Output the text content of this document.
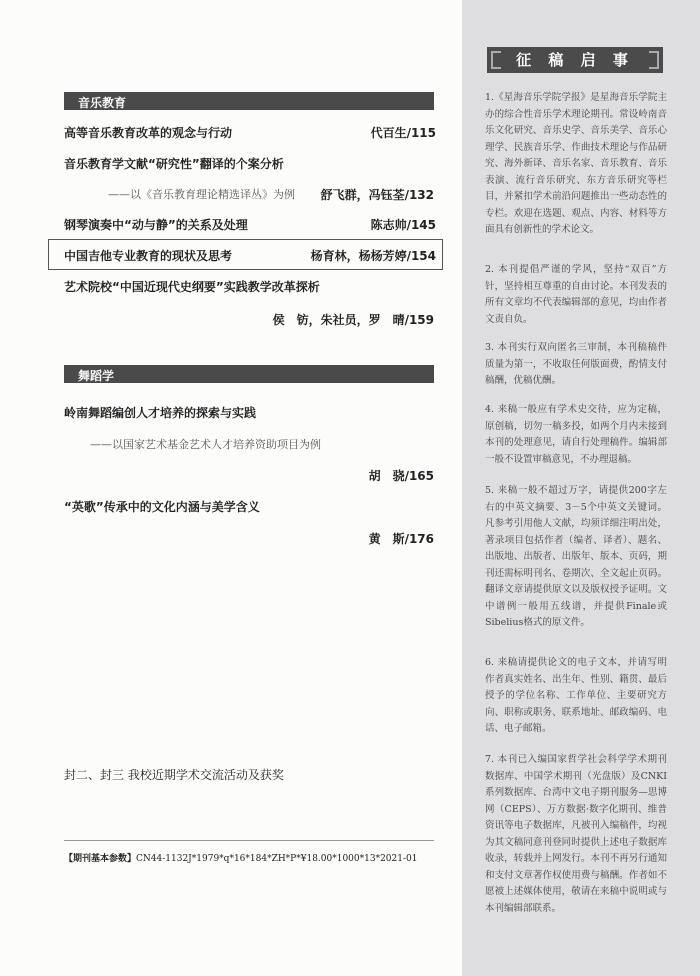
音乐教育
高等音乐教育改革的观念与行动	代百生/115
音乐教育学文献“研究性”翻译的个案分析
——以《音乐教育理论精选译丛》为例 舒飞群，冯钰荃/132
钢琴演奏中“动与静”的关系及处理	陈志帅/145
中国吉他专业教育的现状及思考	杨育林，杨杨芳婷/154
艺术院校“中国近现代史纲要”实践教学改革探析
侯　钫，朱社员，罗　晴/159
舞蹈学
岭南舞蹈编创人才培养的探索与实践
——以国家艺术基金艺术人才培养资助项目为例
胡　骁/165
“英歌”传承中的文化内涵与美学含义
黄　斯/176
封二、封三 我校近期学术交流活动及获奖
【期刊基本参数】CN44-1132J*1979*q*16*184*ZH*P*¥18.00*1000*13*2021-01
征 稿 启 事
1.《星海音乐学院学报》是星海音乐学院主办的综合性音乐学术理论期刊。常设岭南音乐文化研究、音乐史学、音乐美学、音乐心理学、民族音乐学、作曲技术理论与作品研究、海外新译、音乐名家、音乐教育、音乐表演、流行音乐研究、东方音乐研究等栏目，并紧扣学术前沿问题推出一些动态性的专栏。欢迎在选题、观点、内容、材料等方面具有创新性的学术论文。
2. 本刊提倡严谨的学风，坚持“双百”方针，坚持相互尊重的自由讨论。本刊发表的所有文章均不代表编辑部的意见，均由作者文责自负。
3. 本刊实行双向匿名三审制，本刊稿稿件质量为第一，不收取任何版面费，酌情支付稿酬，优稿优酬。
4. 来稿一般应有学术史交待，应为定稿，原创稿，切勿一稿多投，如两个月内未接到本刊的处理意见，请自行处理稿件。编辑部一般不设置审稿意见，不办理退稿。
5. 来稿一般不超过万字，请提供200字左右的中英文摘要、3－5个中英文关键词。凡参考引用他人文献，均须详细注明出处，著录项目包括作者（编者、译者）、题名、出版地、出版者、出版年、版本、页码，期刊还需标明刊名、卷期次、全文起止页码。翻译文章请提供原文以及版权授予证明。文中谱例一般用五线谱，并提供Finale或Sibelius格式的原文件。
6. 来稿请提供论文的电子文本，并请写明作者真实姓名、出生年、性别、籍贯、最后授予的学位名称、工作单位、主要研究方向、职称或职务、联系地址、邮政编码、电话、电子邮箱。
7. 本刊已入编国家哲学社会科学学术期刊数据库、中国学术期刊（光盘版）及CNKI系列数据库、台湾中文电子期刊服务—思博网（CEPS）、万方数据·数字化期刊、维普资讯等电子数据库，凡被刊入编稿件，均视为其文稿同意刊登同时提供上述电子数据库收录，转载并上网发行。本刊不再另行通知和支付文章著作权使用费与稿酬。作者如不愿被上述媒体使用，敬请在来稿中说明或与本刊编辑部联系。
